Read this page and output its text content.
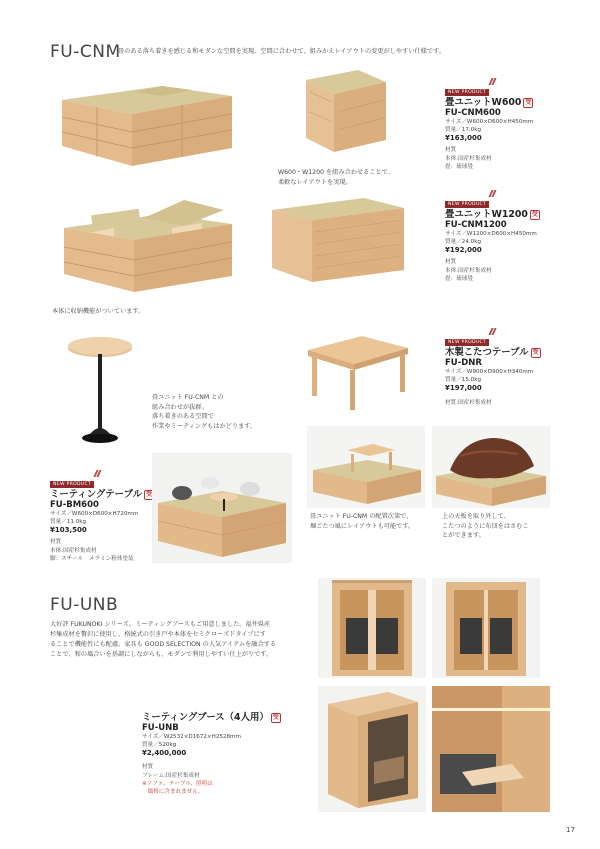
FU-CNM
畳のある落ち着きを感じる和モダンな空間を実現。空間に合わせて、組みかえレイアウトの変更がしやすい仕様です。
NEW PRODUCT
畳ユニットW600 受
FU-CNM600
サイズ／W600×D600×H450mm
質量／17.0kg
¥163,000
材質
本体:国産杉集成材
畳：琉球畳
W600・W1200 を組み合わせることで、
柔軟なレイアウトを実現。
NEW PRODUCT
畳ユニットW1200 受
FU-CNM1200
サイズ／W1200×D600×H450mm
質量／24.0kg
¥192,000
材質
本体:国産杉集成材
畳：琉球畳
本体に収納機能がついています。
NEW PRODUCT
木製こたつテーブル 受
FU-DNR
サイズ／W900×D900×H340mm
質量／15.0kg
¥197,000
材質:国産杉集成材
畳ユニット FU-CNM との
組み合わせが抜群。
落ち着きのある空間で
作業やミーティングもはかどります。
畳ユニット FU-CNM の配置次第で、
堀ごたつ風にレイアウトも可能です。
上の天板を取り外して、
こたつのように布団をはさむこ
とができます。
NEW PRODUCT
ミーティングテーブル 受
FU-BM600
サイズ／W600×D600×H720mm
質量／11.0kg
¥103,500
材質
本体:国産杉集成材
脚：スチール　メラミン粉体塗装
FU-UNB
大好評 FUKUNOKI シリーズ。ミーティングブースもご用意しました。福井県産
杉集成材を贅沢に使用し、格統式の引き戸や本体をセミクローズドタイプにす
ることで機能性にも配慮。家具も GOOD SELECTION の人気アイテムを融合する
ことで、和の風合いを基調にしながらも、モダンで利用しやすい仕上がりです。
ミーティングブース（4人用） 受
FU-UNB
サイズ／W2532×D1672×H2528mm
質量／520kg
¥2,400,000
材質
フレーム:国産杉集成材
※ソファ、テーブル、照明は
　価格に含まれません。
17
